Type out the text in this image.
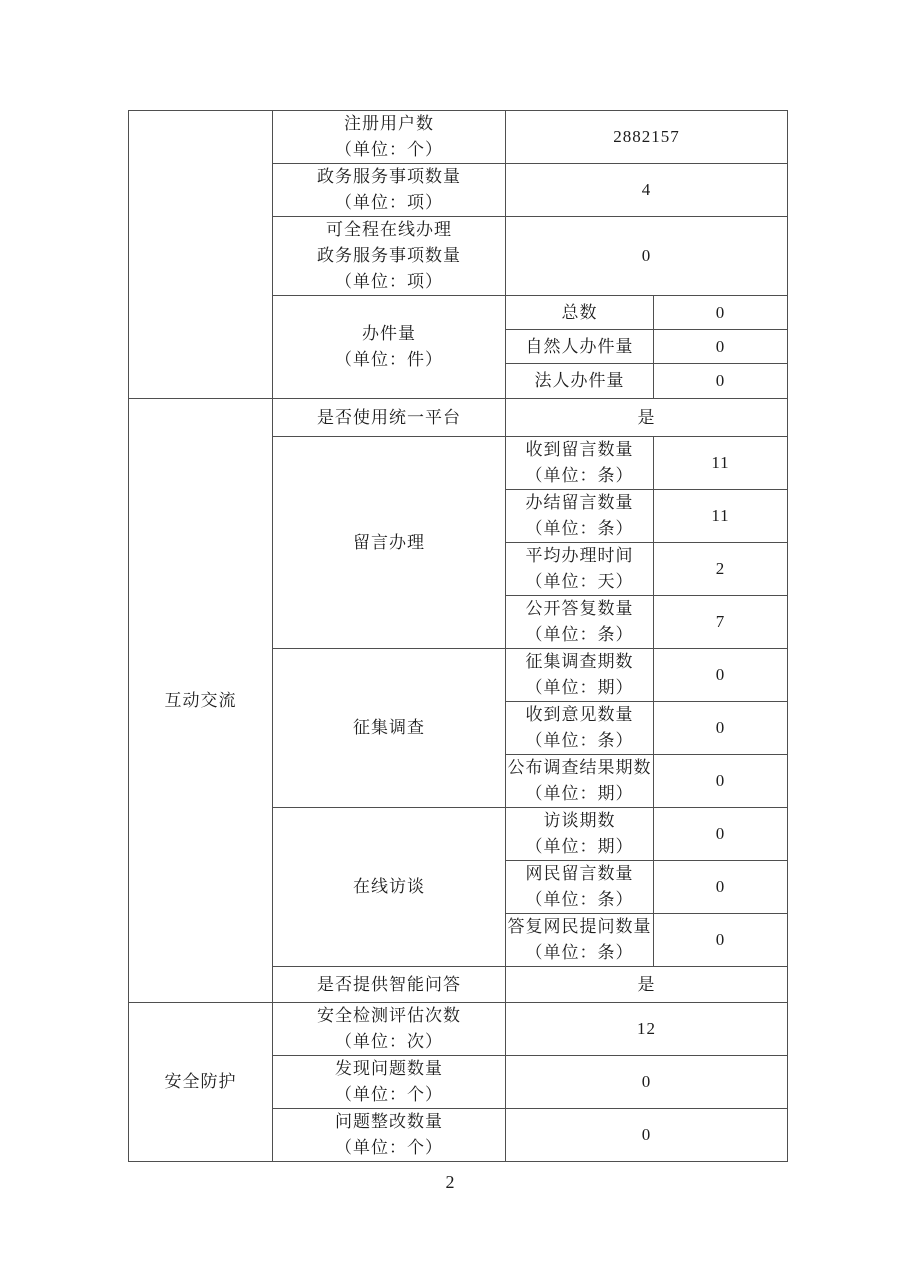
	注册用户数
（单位：个）	2882157	

	政务服务事项数量
（单位：项）	4	

	可全程在线办理
政务服务事项数量
（单位：项）	0	

	办件量
（单位：件）	总数	0
		自然人办件量	0
		法人办件量	0
互动交流	是否使用统一平台	是	
	留言办理	收到留言数量
（单位：条）	11

		办结留言数量
（单位：条）	11

		平均办理时间
（单位：天）	2

		公开答复数量
（单位：条）	7
	征集调查	征集调查期数
（单位：期）	0

		收到意见数量
（单位：条）	0

		公布调查结果期数
（单位：期）	0
	在线访谈	访谈期数
（单位：期）	0

		网民留言数量
（单位：条）	0

		答复网民提问数量
（单位：条）	0
	是否提供智能问答	是	
安全防护	安全检测评估次数
（单位：次）	12	

	发现问题数量
（单位：个）	0	

	问题整改数量
（单位：个）	0	
2
